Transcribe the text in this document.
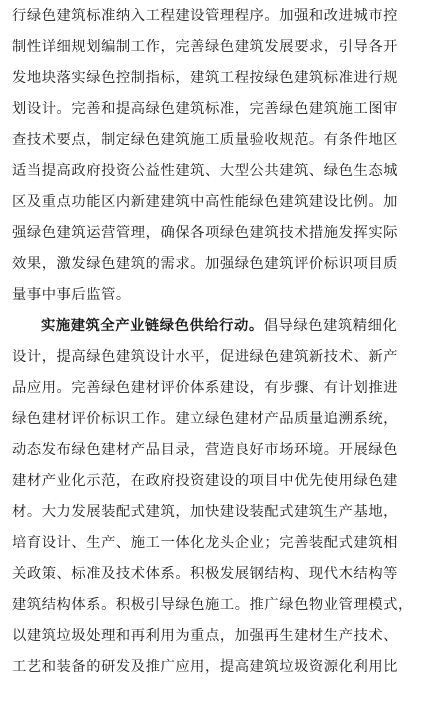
行绿色建筑标准纳入工程建设管理程序。加强和改进城市控
制性详细规划编制工作，完善绿色建筑发展要求，引导各开
发地块落实绿色控制指标，建筑工程按绿色建筑标准进行规
划设计。完善和提高绿色建筑标准，完善绿色建筑施工图审
查技术要点，制定绿色建筑施工质量验收规范。有条件地区
适当提高政府投资公益性建筑、大型公共建筑、绿色生态城
区及重点功能区内新建建筑中高性能绿色建筑建设比例。加
强绿色建筑运营管理，确保各项绿色建筑技术措施发挥实际
效果，激发绿色建筑的需求。加强绿色建筑评价标识项目质
量事中事后监管。
实施建筑全产业链绿色供给行动。倡导绿色建筑精细化
设计，提高绿色建筑设计水平，促进绿色建筑新技术、新产
品应用。完善绿色建材评价体系建设，有步骤、有计划推进
绿色建材评价标识工作。建立绿色建材产品质量追溯系统，
动态发布绿色建材产品目录，营造良好市场环境。开展绿色
建材产业化示范，在政府投资建设的项目中优先使用绿色建
材。大力发展装配式建筑，加快建设装配式建筑生产基地，
培育设计、生产、施工一体化龙头企业；完善装配式建筑相
关政策、标准及技术体系。积极发展钢结构、现代木结构等
建筑结构体系。积极引导绿色施工。推广绿色物业管理模式，
以建筑垃圾处理和再利用为重点，加强再生建材生产技术、
工艺和装备的研发及推广应用，提高建筑垃圾资源化利用比
